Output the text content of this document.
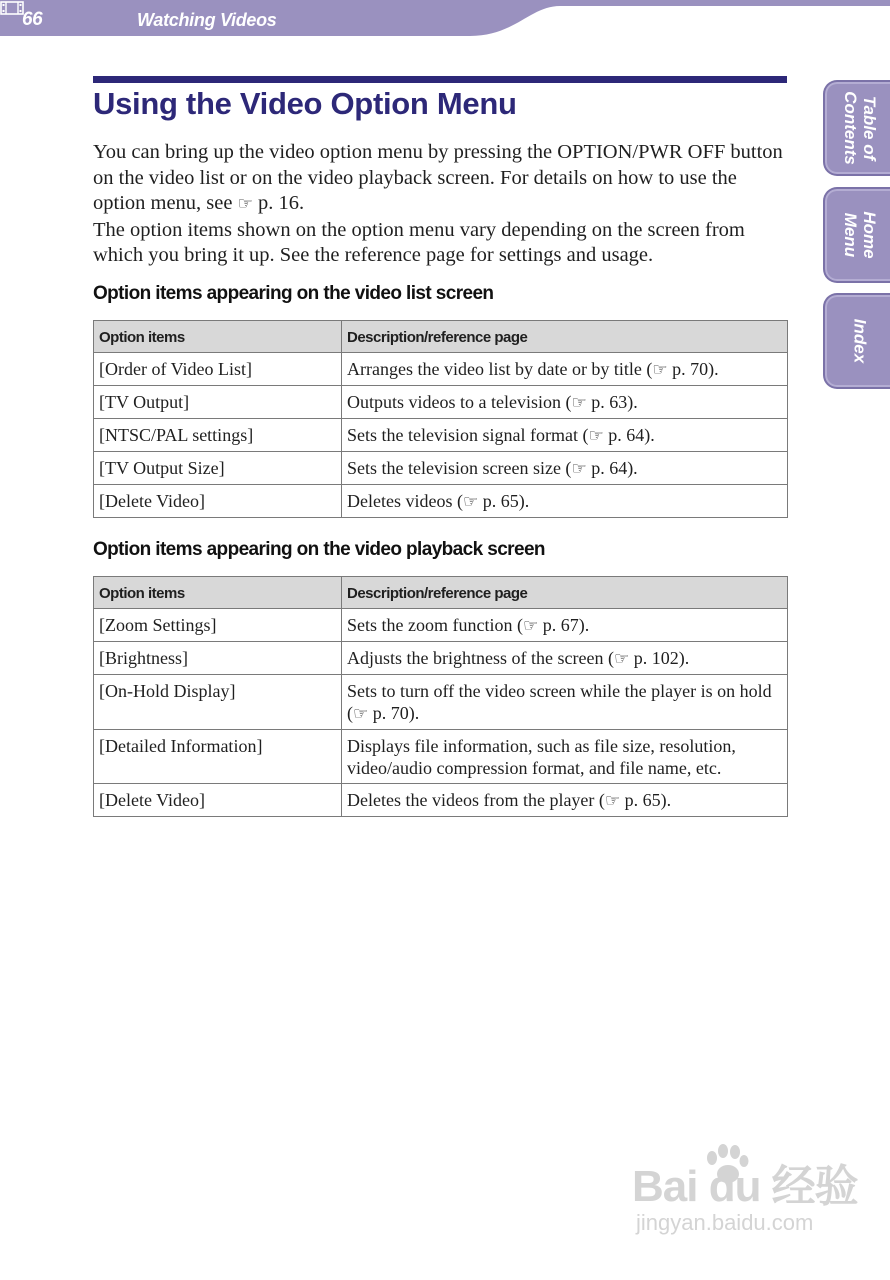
66	Watching Videos
Table of
Contents
Home
Menu
Index
Using the Video Option Menu

You can bring up the video option menu by pressing the OPTION/PWR OFF button on the video list or on the video playback screen. For details on how to use the option menu, see ☞ p. 16.

The option items shown on the option menu vary depending on the screen from which you bring it up. See the reference page for settings and usage.

Option items appearing on the video list screen
Option items	Description/reference page
[Order of Video List]	Arranges the video list by date or by title (☞ p. 70).
[TV Output]	Outputs videos to a television (☞ p. 63).
[NTSC/PAL settings]	Sets the television signal format (☞ p. 64).
[TV Output Size]	Sets the television screen size (☞ p. 64).
[Delete Video]	Deletes videos (☞ p. 65).
Option items appearing on the video playback screen
Option items	Description/reference page
[Zoom Settings]	Sets the zoom function (☞ p. 67).
[Brightness]	Adjusts the brightness of the screen (☞ p. 102).
[On-Hold Display]	Sets to turn off the video screen while the player is on hold (☞ p. 70).
[Detailed Information]	Displays file information, such as file size, resolution, video/audio compression format, and file name, etc.
[Delete Video]	Deletes the videos from the player (☞ p. 65).
Bai du 经验
jingyan.baidu.com
